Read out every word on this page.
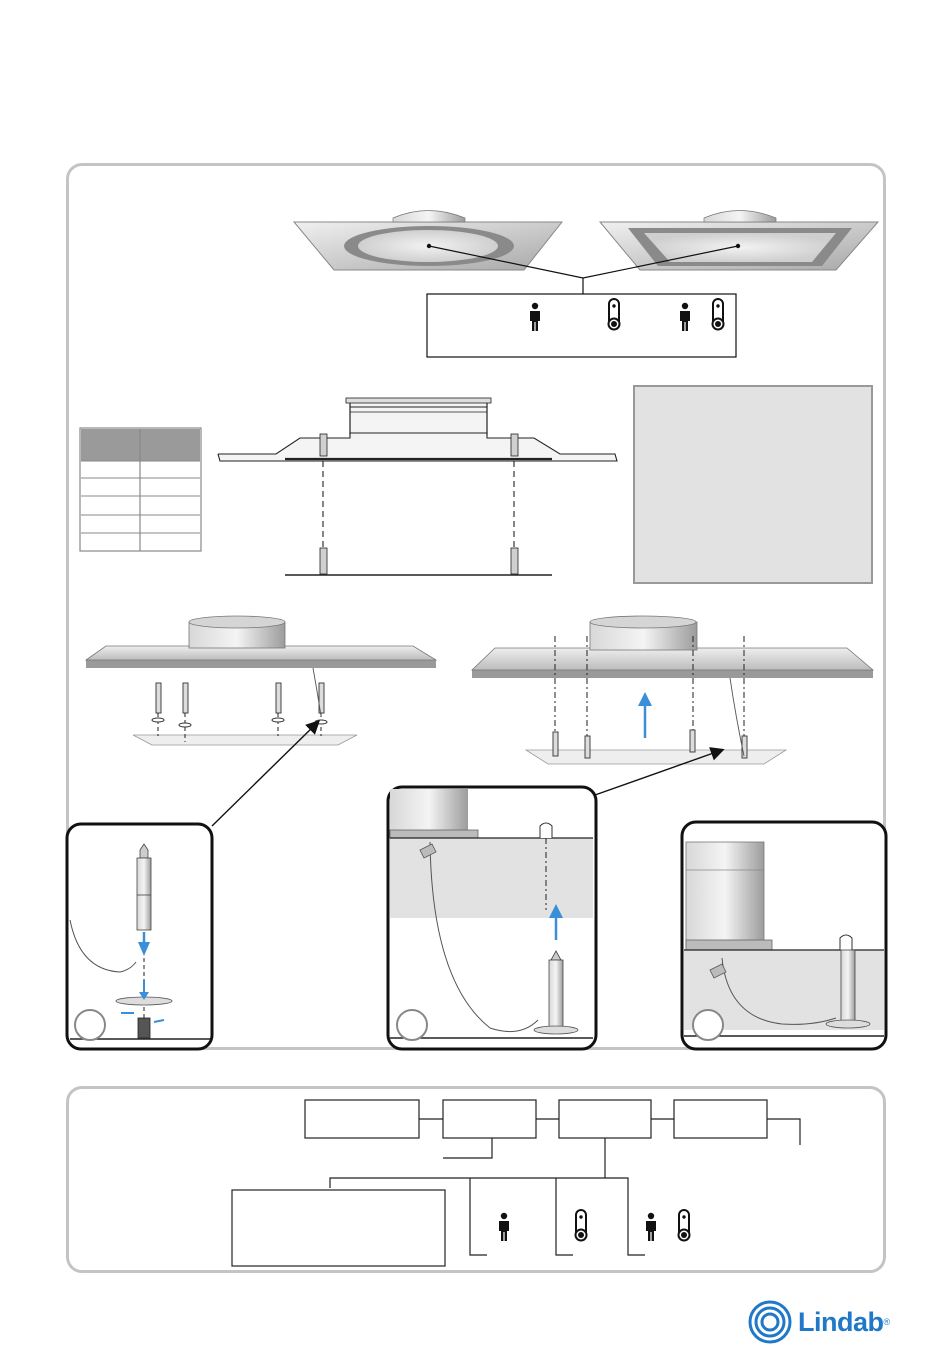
Lindab ®
